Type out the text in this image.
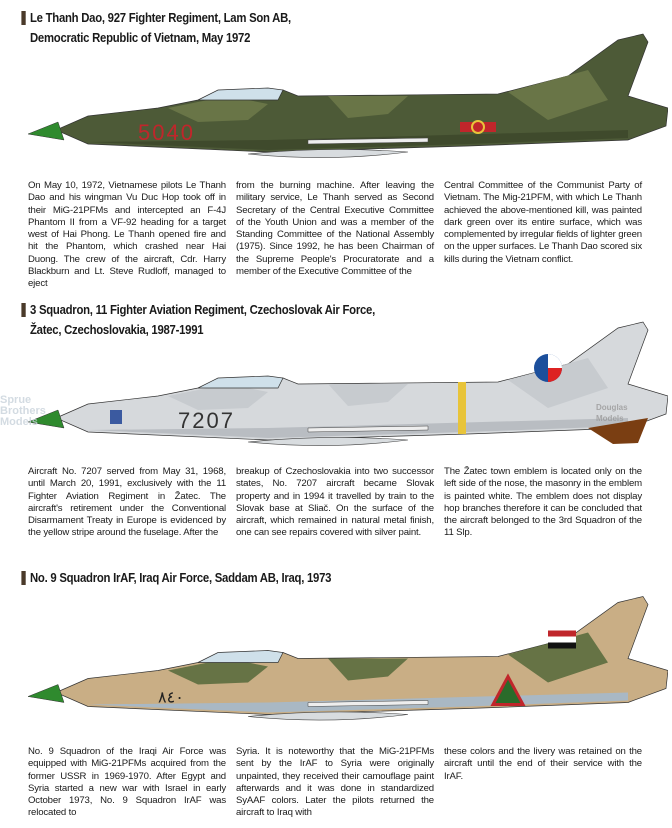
Le Thanh Dao, 927 Fighter Regiment, Lam Son AB,
Democratic Republic of Vietnam, May 1972
5040
On May 10, 1972, Vietnamese pilots Le Thanh Dao and his wingman Vu Duc Hop took off in their MiG-21PFMs and intercepted an F-4J Phantom II from a VF-92 heading for a target west of Hai Phong. Le Thanh opened fire and hit the Phantom, which crashed near Hai Duong. The crew of the aircraft, Cdr. Harry Blackburn and Lt. Steve Rudloff, managed to eject
from the burning machine. After leaving the military service, Le Thanh served as Second Secretary of the Central Executive Committee of the Youth Union and was a member of the Standing Committee of the National Assembly (1975). Since 1992, he has been Chairman of the Supreme People's Procuratorate and a member of the Executive Committee of the
Central Committee of the Communist Party of Vietnam. The Mig-21PFM, with which Le Thanh achieved the above-mentioned kill, was painted dark green over its entire surface, which was complemented by irregular fields of lighter green on the upper surfaces. Le Thanh Dao scored six kills during the Vietnam conflict.
3 Squadron, 11 Fighter Aviation Regiment, Czechoslovak Air Force,
Žatec, Czechoslovakia, 1987-1991
7207
Sprue
Brothers
Models
Douglas Models
Aircraft No. 7207 served from May 31, 1968, until March 20, 1991, exclusively with the 11 Fighter Aviation Regiment in Žatec. The aircraft's retirement under the Conventional Disarmament Treaty in Europe is evidenced by the yellow stripe around the fuselage. After the
breakup of Czechoslovakia into two successor states, No. 7207 aircraft became Slovak property and in 1994 it travelled by train to the Slovak base at Sliač. On the surface of the aircraft, which remained in natural metal finish, one can see repairs covered with silver paint.
The Žatec town emblem is located only on the left side of the nose, the masonry in the emblem is painted white. The emblem does not display hop branches therefore it can be concluded that the aircraft belonged to the 3rd Squadron of the 11 Slp.
No. 9 Squadron IrAF, Iraq Air Force, Saddam AB, Iraq, 1973
٨٤٠
No. 9 Squadron of the Iraqi Air Force was equipped with MiG-21PFMs acquired from the former USSR in 1969-1970. After Egypt and Syria started a new war with Israel in early October 1973, No. 9 Squadron IrAF was relocated to
Syria. It is noteworthy that the MiG-21PFMs sent by the IrAF to Syria were originally unpainted, they received their camouflage paint afterwards and it was done in standardized SyAAF colors. Later the pilots returned the aircraft to Iraq with
these colors and the livery was retained on the aircraft until the end of their service with the IrAF.
